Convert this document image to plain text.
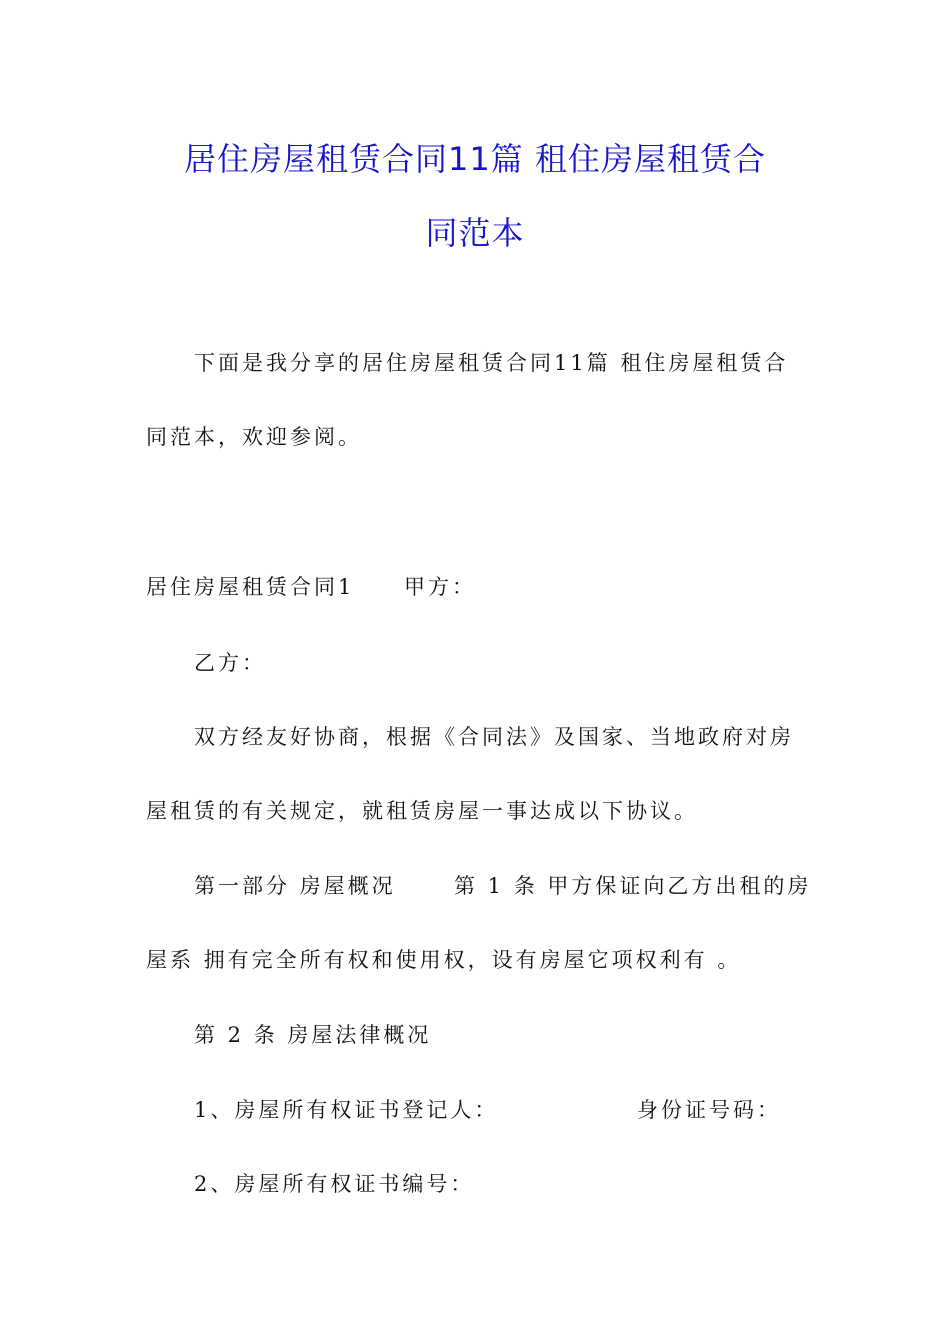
居住房屋租赁合同11篇 租住房屋租赁合
同范本
下面是我分享的居住房屋租赁合同11篇 租住房屋租赁合
同范本，欢迎参阅。
居住房屋租赁合同1 甲方：
乙方：
双方经友好协商，根据《合同法》及国家、当地政府对房
屋租赁的有关规定，就租赁房屋一事达成以下协议。
第一部分 房屋概况	第 1 条 甲方保证向乙方出租的房
屋系 拥有完全所有权和使用权，设有房屋它项权利有 。
第 2 条 房屋法律概况
1、房屋所有权证书登记人：	身份证号码：
2、房屋所有权证书编号：
